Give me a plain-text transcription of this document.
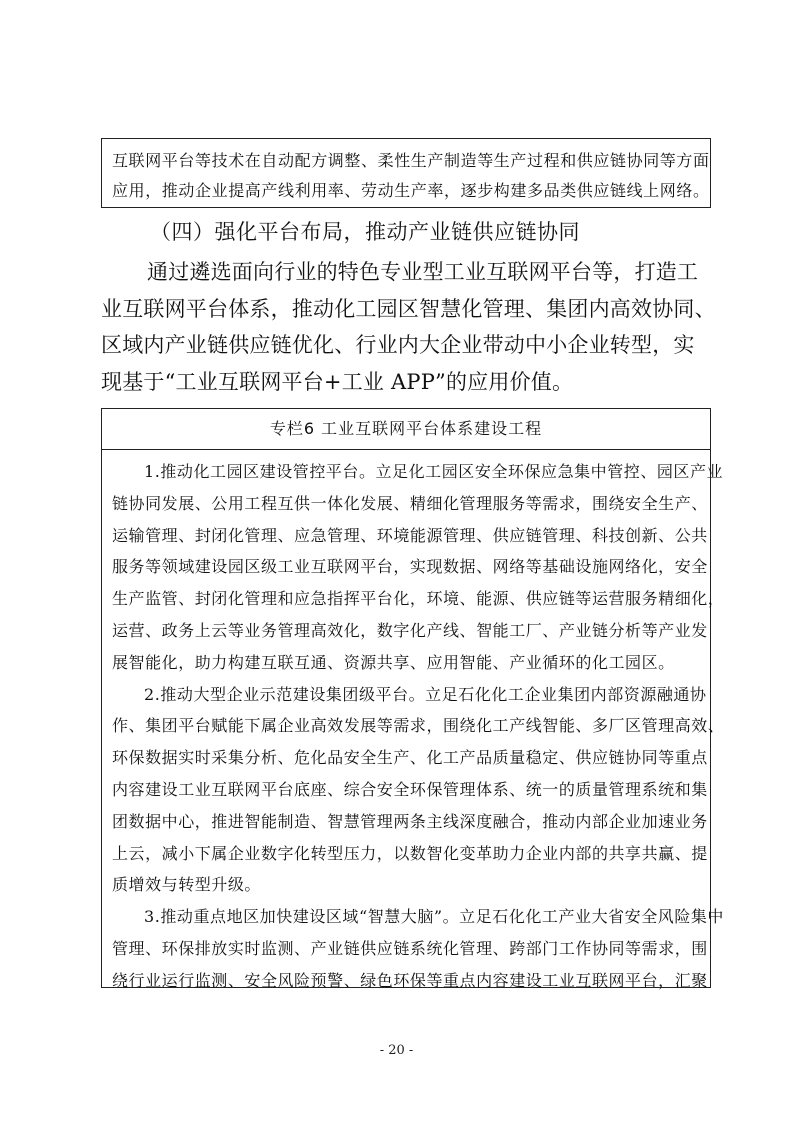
互联网平台等技术在自动配方调整、柔性生产制造等生产过程和供应链协同等方面
应用，推动企业提高产线利用率、劳动生产率，逐步构建多品类供应链线上网络。
（四）强化平台布局，推动产业链供应链协同
通过遴选面向行业的特色专业型工业互联网平台等，打造工
业互联网平台体系，推动化工园区智慧化管理、集团内高效协同、
区域内产业链供应链优化、行业内大企业带动中小企业转型，实
现基于“工业互联网平台+工业 APP”的应用价值。
专栏6 工业互联网平台体系建设工程
1.推动化工园区建设管控平台。立足化工园区安全环保应急集中管控、园区产业
链协同发展、公用工程互供一体化发展、精细化管理服务等需求，围绕安全生产、
运输管理、封闭化管理、应急管理、环境能源管理、供应链管理、科技创新、公共
服务等领域建设园区级工业互联网平台，实现数据、网络等基础设施网络化，安全
生产监管、封闭化管理和应急指挥平台化，环境、能源、供应链等运营服务精细化，
运营、政务上云等业务管理高效化，数字化产线、智能工厂、产业链分析等产业发
展智能化，助力构建互联互通、资源共享、应用智能、产业循环的化工园区。
2.推动大型企业示范建设集团级平台。立足石化化工企业集团内部资源融通协
作、集团平台赋能下属企业高效发展等需求，围绕化工产线智能、多厂区管理高效、
环保数据实时采集分析、危化品安全生产、化工产品质量稳定、供应链协同等重点
内容建设工业互联网平台底座、综合安全环保管理体系、统一的质量管理系统和集
团数据中心，推进智能制造、智慧管理两条主线深度融合，推动内部企业加速业务
上云，减小下属企业数字化转型压力，以数智化变革助力企业内部的共享共赢、提
质增效与转型升级。
3.推动重点地区加快建设区域“智慧大脑”。立足石化化工产业大省安全风险集中
管理、环保排放实时监测、产业链供应链系统化管理、跨部门工作协同等需求，围
绕行业运行监测、安全风险预警、绿色环保等重点内容建设工业互联网平台，汇聚
- 20 -
